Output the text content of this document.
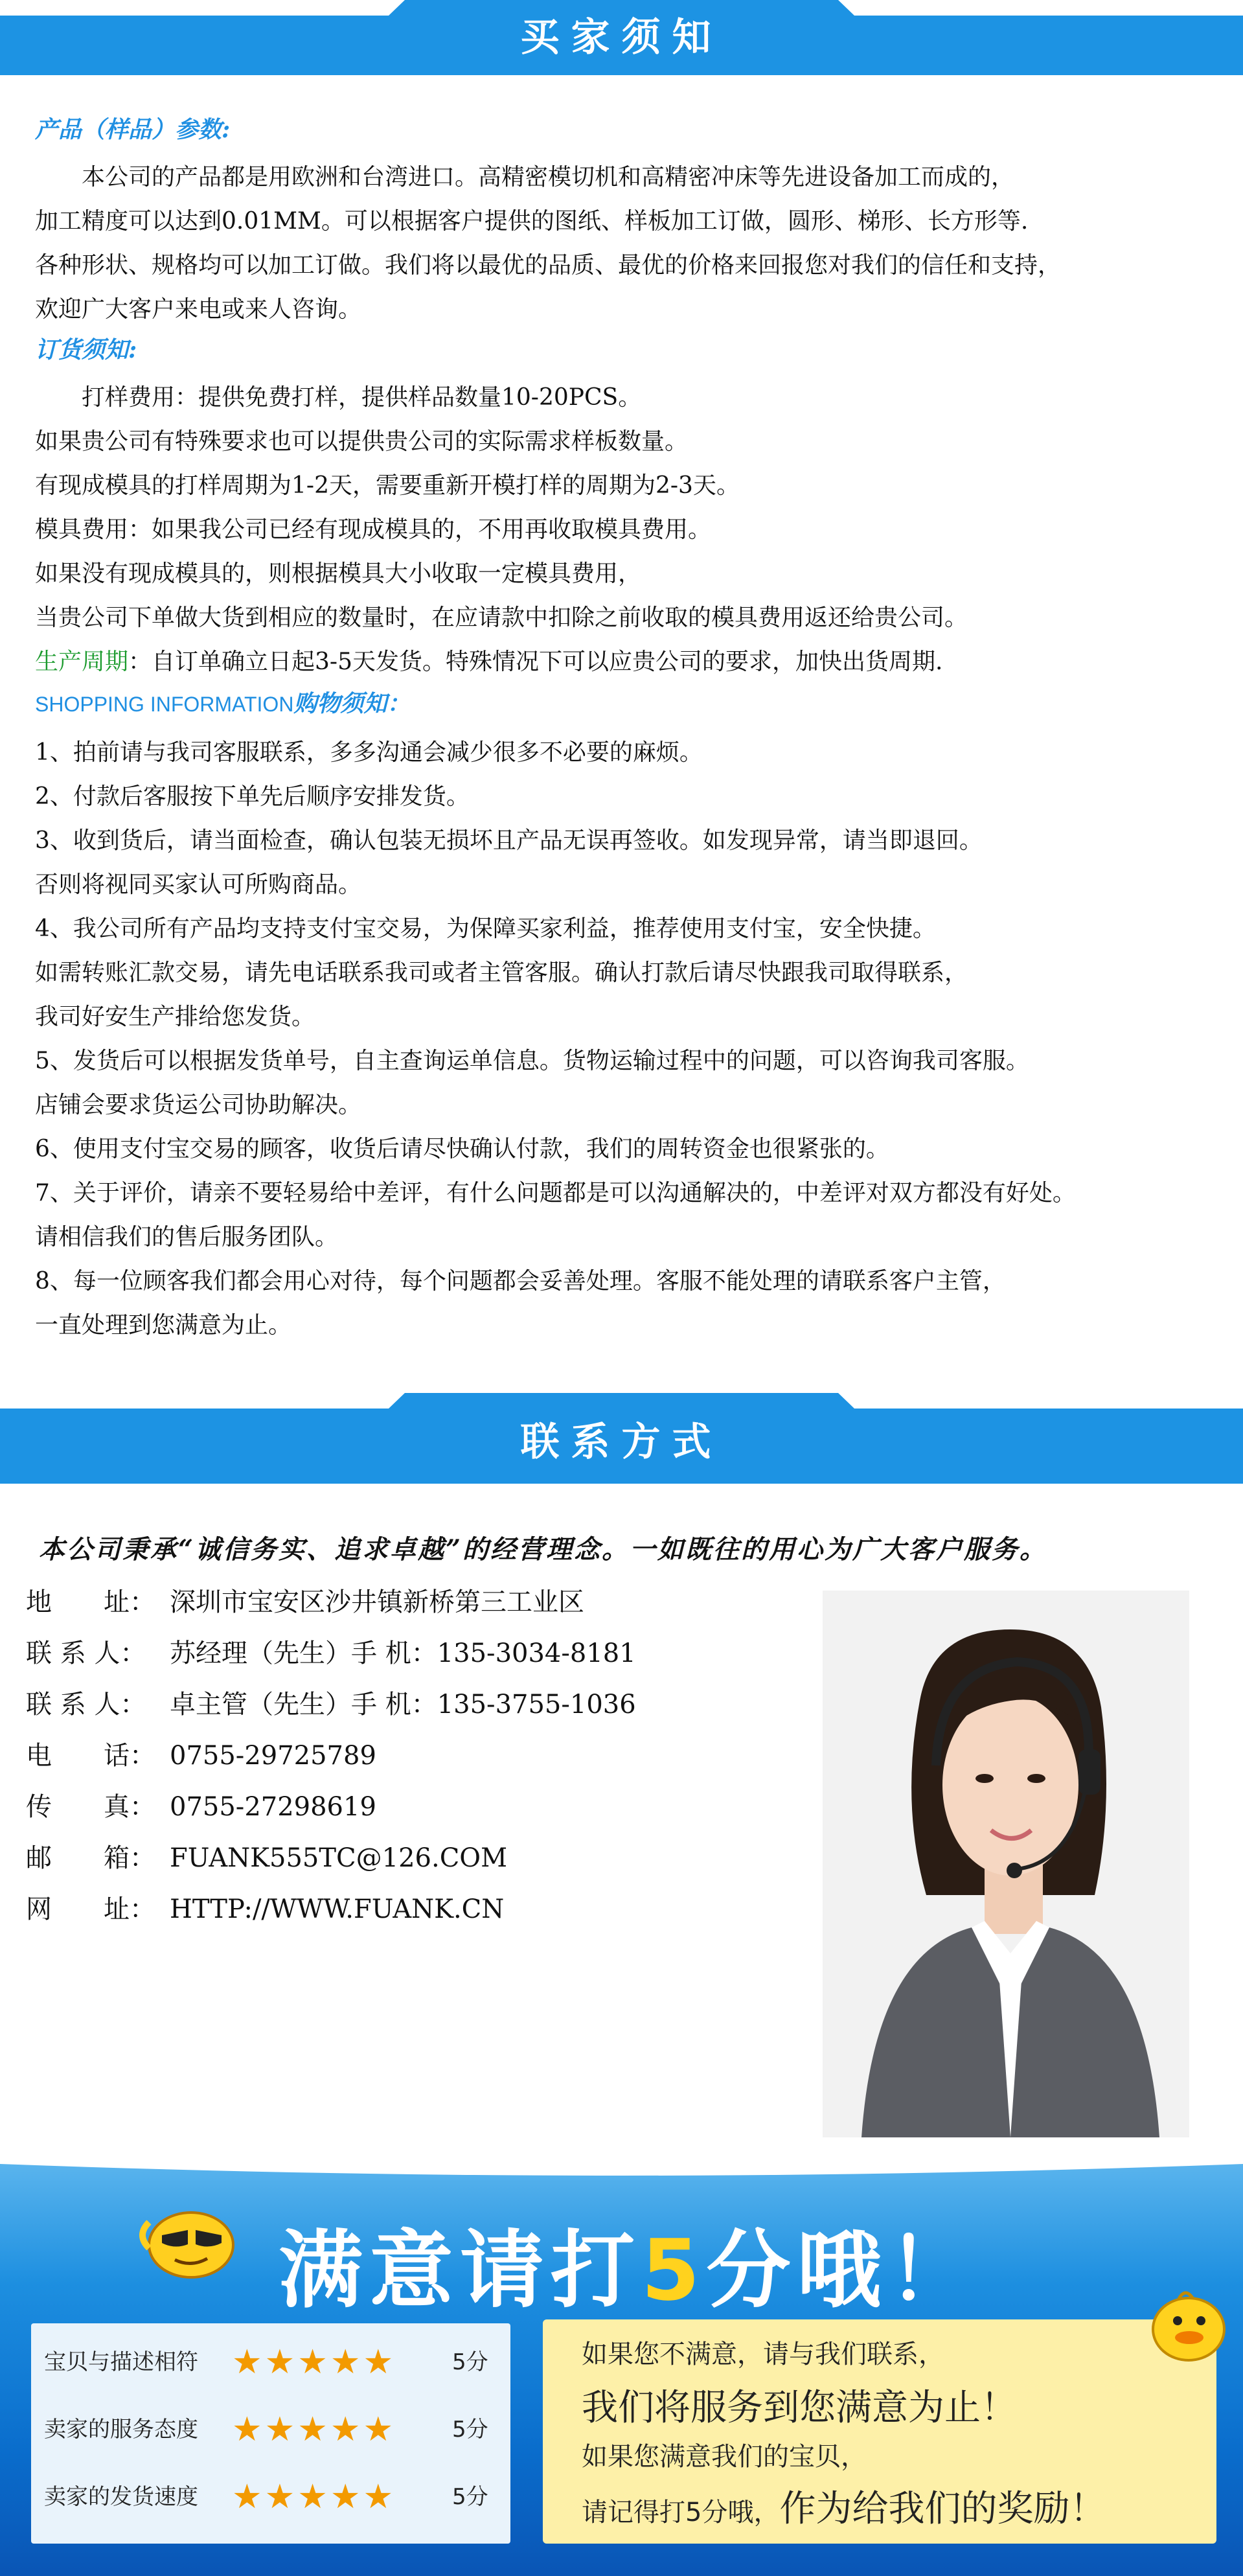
买家须知
产品（样品）参数:
　　本公司的产品都是用欧洲和台湾进口。高精密模切机和高精密冲床等先进设备加工而成的，
加工精度可以达到0.01MM。可以根据客户提供的图纸、样板加工订做，圆形、梯形、长方形等.
各种形状、规格均可以加工订做。我们将以最优的品质、最优的价格来回报您对我们的信任和支持，
欢迎广大客户来电或来人咨询。
订货须知:
　　打样费用：提供免费打样，提供样品数量10-20PCS。
如果贵公司有特殊要求也可以提供贵公司的实际需求样板数量。
有现成模具的打样周期为1-2天，需要重新开模打样的周期为2-3天。
模具费用：如果我公司已经有现成模具的，不用再收取模具费用。
如果没有现成模具的，则根据模具大小收取一定模具费用，
当贵公司下单做大货到相应的数量时，在应请款中扣除之前收取的模具费用返还给贵公司。
生产周期：自订单确立日起3-5天发货。特殊情况下可以应贵公司的要求，加快出货周期.
SHOPPING INFORMATION购物须知：
1、拍前请与我司客服联系，多多沟通会减少很多不必要的麻烦。
2、付款后客服按下单先后顺序安排发货。
3、收到货后，请当面检查，确认包装无损坏且产品无误再签收。如发现异常，请当即退回。
否则将视同买家认可所购商品。
4、我公司所有产品均支持支付宝交易，为保障买家利益，推荐使用支付宝，安全快捷。
如需转账汇款交易，请先电话联系我司或者主管客服。确认打款后请尽快跟我司取得联系，
我司好安生产排给您发货。
5、发货后可以根据发货单号，自主查询运单信息。货物运输过程中的问题，可以咨询我司客服。
店铺会要求货运公司协助解决。
6、使用支付宝交易的顾客，收货后请尽快确认付款，我们的周转资金也很紧张的。
7、关于评价，请亲不要轻易给中差评，有什么问题都是可以沟通解决的，中差评对双方都没有好处。
请相信我们的售后服务团队。
8、每一位顾客我们都会用心对待，每个问题都会妥善处理。客服不能处理的请联系客户主管，
一直处理到您满意为止。
联系方式
本公司秉承“诚信务实、追求卓越”的经营理念。一如既往的用心为广大客户服务。
地　　址： 深圳市宝安区沙井镇新桥第三工业区
联 系 人： 苏经理（先生）手 机：135-3034-8181
联 系 人： 卓主管（先生）手 机：135-3755-1036
电　　话： 0755-29725789
传　　真： 0755-27298619
邮　　箱： FUANK555TC@126.COM
网　　址： HTTP://WWW.FUANK.CN
满意请打5分哦！
宝贝与描述相符 ★★★★★	5分
卖家的服务态度 ★★★★★	5分
卖家的发货速度 ★★★★★	5分
如果您不满意，请与我们联系，
我们将服务到您满意为止！
如果您满意我们的宝贝，
请记得打5分哦，作为给我们的奖励！
